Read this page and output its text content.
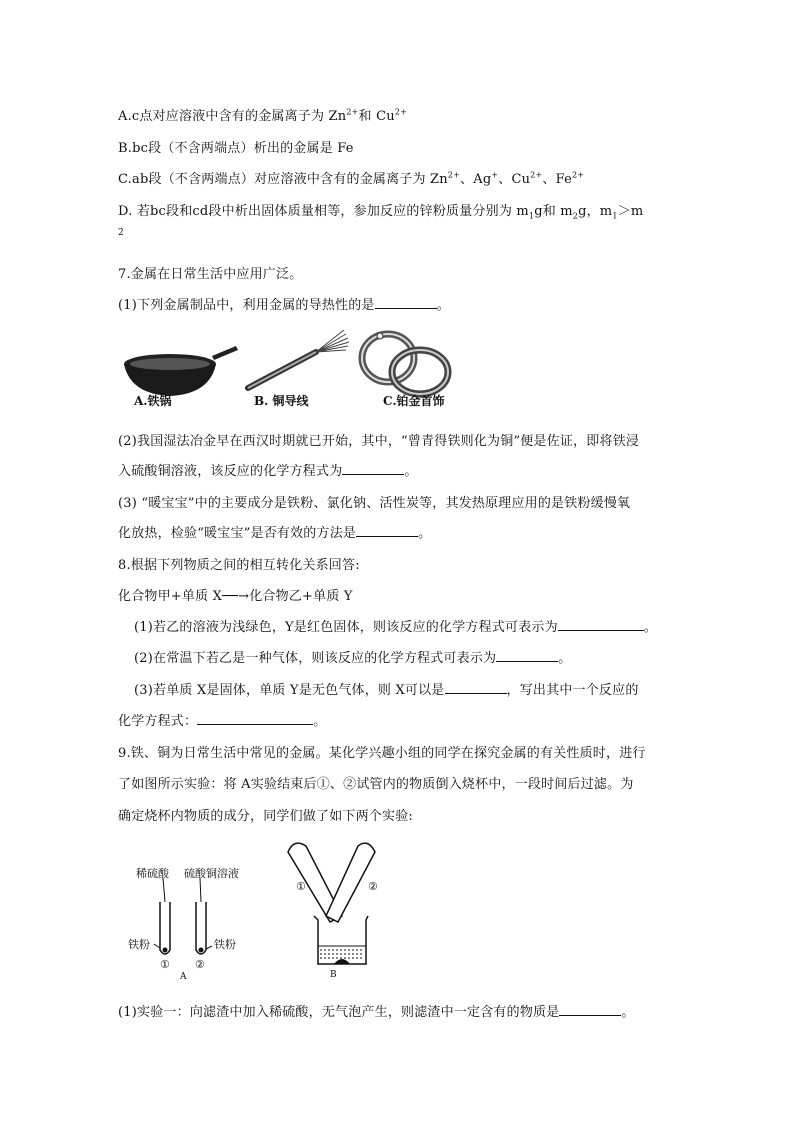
A.c点对应溶液中含有的金属离子为 $Zn^{2+}$和 $Cu^{2+}$
B.bc段（不含两端点）析出的金属是 Fe
C.ab段（不含两端点）对应溶液中含有的金属离子为 $Zn^{2+}$、Ag+、$Cu^{2+}$、$Fe^{2+}$
D. 若bc段和cd段中析出固体质量相等，参加反应的锌粉质量分别为 $m_1g$和 $m_2g$，$m_1>m$
2
7.金属在日常生活中应用广泛。
(1)下列金属制品中，利用金属的导热性的是	。
A.铁锅	B. 铜导线	C.铂金首饰
(2)我国湿法冶金早在西汉时期就已开始，其中，“曾青得铁则化为铜”便是佐证，即将铁浸
入硫酸铜溶液，该反应的化学方程式为	。
(3) “暖宝宝”中的主要成分是铁粉、氯化钠、活性炭等，其发热原理应用的是铁粉缓慢氧
化放热，检验“暖宝宝”是否有效的方法是	。
8.根据下列物质之间的相互转化关系回答:
化合物甲+单质 X──→化合物乙+单质 Y
(1)若乙的溶液为浅绿色，Y是红色固体，则该反应的化学方程式可表示为	。
(2)在常温下若乙是一种气体，则该反应的化学方程式可表示为	。
(3)若单质 X是固体，单质 Y是无色气体，则 X可以是	，写出其中一个反应的
化学方程式：	。
9.铁、铜为日常生活中常见的金属。某化学兴趣小组的同学在探究金属的有关性质时，进行
了如图所示实验：将 A实验结束后①、②试管内的物质倒入烧杯中，一段时间后过滤。为
确定烧杯内物质的成分，同学们做了如下两个实验:
稀硫酸 硫酸铜溶液
铁粉	铁粉
① ②
A	B
①	②
(1)实验一：向滤渣中加入稀硫酸，无气泡产生，则滤渣中一定含有的物质是	。
